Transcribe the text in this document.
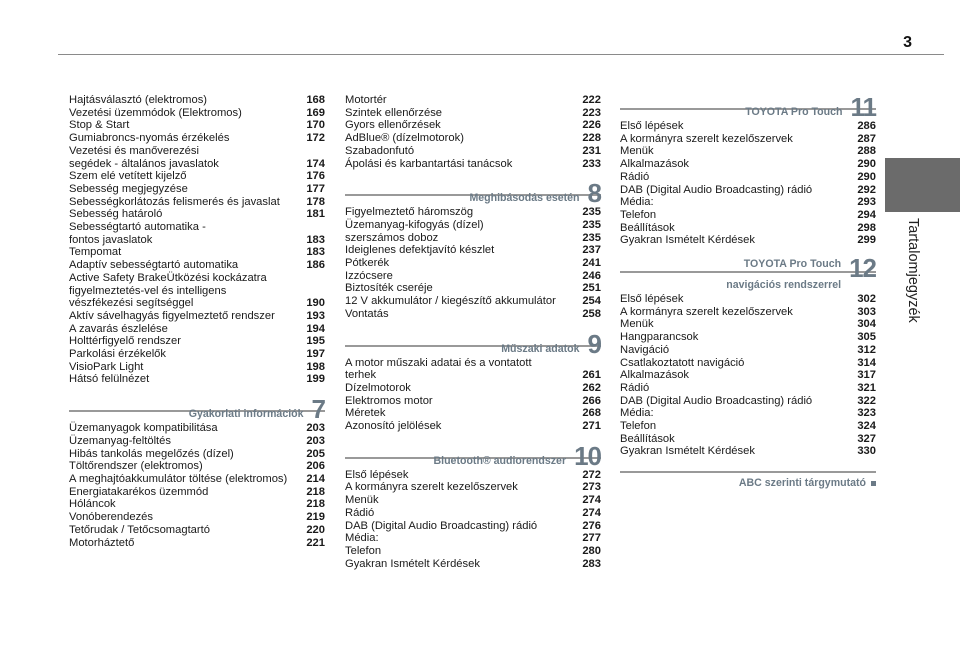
3
Tartalomjegyzék
Hajtásválasztó (elektromos)	168
Vezetési üzemmódok (Elektromos)	169
Stop & Start	170
Gumiabroncs-nyomás érzékelés	172
Vezetési és manőverezési
segédek - általános javaslatok	174
Szem elé vetített kijelző	176
Sebesség megjegyzése	177
Sebességkorlátozás felismerés és javaslat	178
Sebesség határoló	181
Sebességtartó automatika -
fontos javaslatok	183
Tempomat	183
Adaptív sebességtartó automatika	186
Active Safety BrakeÜtközési kockázatra
figyelmeztetés-vel és intelligens
vészfékezési segítséggel	190
Aktív sávelhagyás figyelmeztető rendszer	193
A zavarás észlelése	194
Holttérfigyelő rendszer	195
Parkolási érzékelők	197
VisioPark Light	198
Hátsó felülnézet	199
Gyakorlati információk 7
Üzemanyagok kompatibilitása	203
Üzemanyag-feltöltés	203
Hibás tankolás megelőzés (dízel)	205
Töltőrendszer (elektromos)	206
A meghajtóakkumulátor töltése (elektromos)	214
Energiatakarékos üzemmód	218
Hóláncok	218
Vonóberendezés	219
Tetőrudak / Tetőcsomagtartó	220
Motorháztető	221
Motortér	222
Szintek ellenőrzése	223
Gyors ellenőrzések	226
AdBlue® (dízelmotorok)	228
Szabadonfutó	231
Ápolási és karbantartási tanácsok	233
Meghibásodás esetén 8
Figyelmeztető háromszög	235
Üzemanyag-kifogyás (dízel)	235
szerszámos doboz	235
Ideiglenes defektjavító készlet	237
Pótkerék	241
Izzócsere	246
Biztosíték cseréje	251
12 V akkumulátor / kiegészítő akkumulátor	254
Vontatás	258
Műszaki adatok 9
A motor műszaki adatai és a vontatott
terhek	261
Dízelmotorok	262
Elektromos motor	266
Méretek	268
Azonosító jelölések	271
Bluetooth® audiorendszer 10
Első lépések	272
A kormányra szerelt kezelőszervek	273
Menük	274
Rádió	274
DAB (Digital Audio Broadcasting) rádió	276
Média:	277
Telefon	280
Gyakran Ismételt Kérdések	283
TOYOTA Pro Touch 11
Első lépések	286
A kormányra szerelt kezelőszervek	287
Menük	288
Alkalmazások	290
Rádió	290
DAB (Digital Audio Broadcasting) rádió	292
Média:	293
Telefon	294
Beállítások	298
Gyakran Ismételt Kérdések	299
TOYOTA Pro Touch
navigációs rendszerrel
12
Első lépések	302
A kormányra szerelt kezelőszervek	303
Menük	304
Hangparancsok	305
Navigáció	312
Csatlakoztatott navigáció	314
Alkalmazások	317
Rádió	321
DAB (Digital Audio Broadcasting) rádió	322
Média:	323
Telefon	324
Beállítások	327
Gyakran Ismételt Kérdések	330
ABC szerinti tárgymutató
